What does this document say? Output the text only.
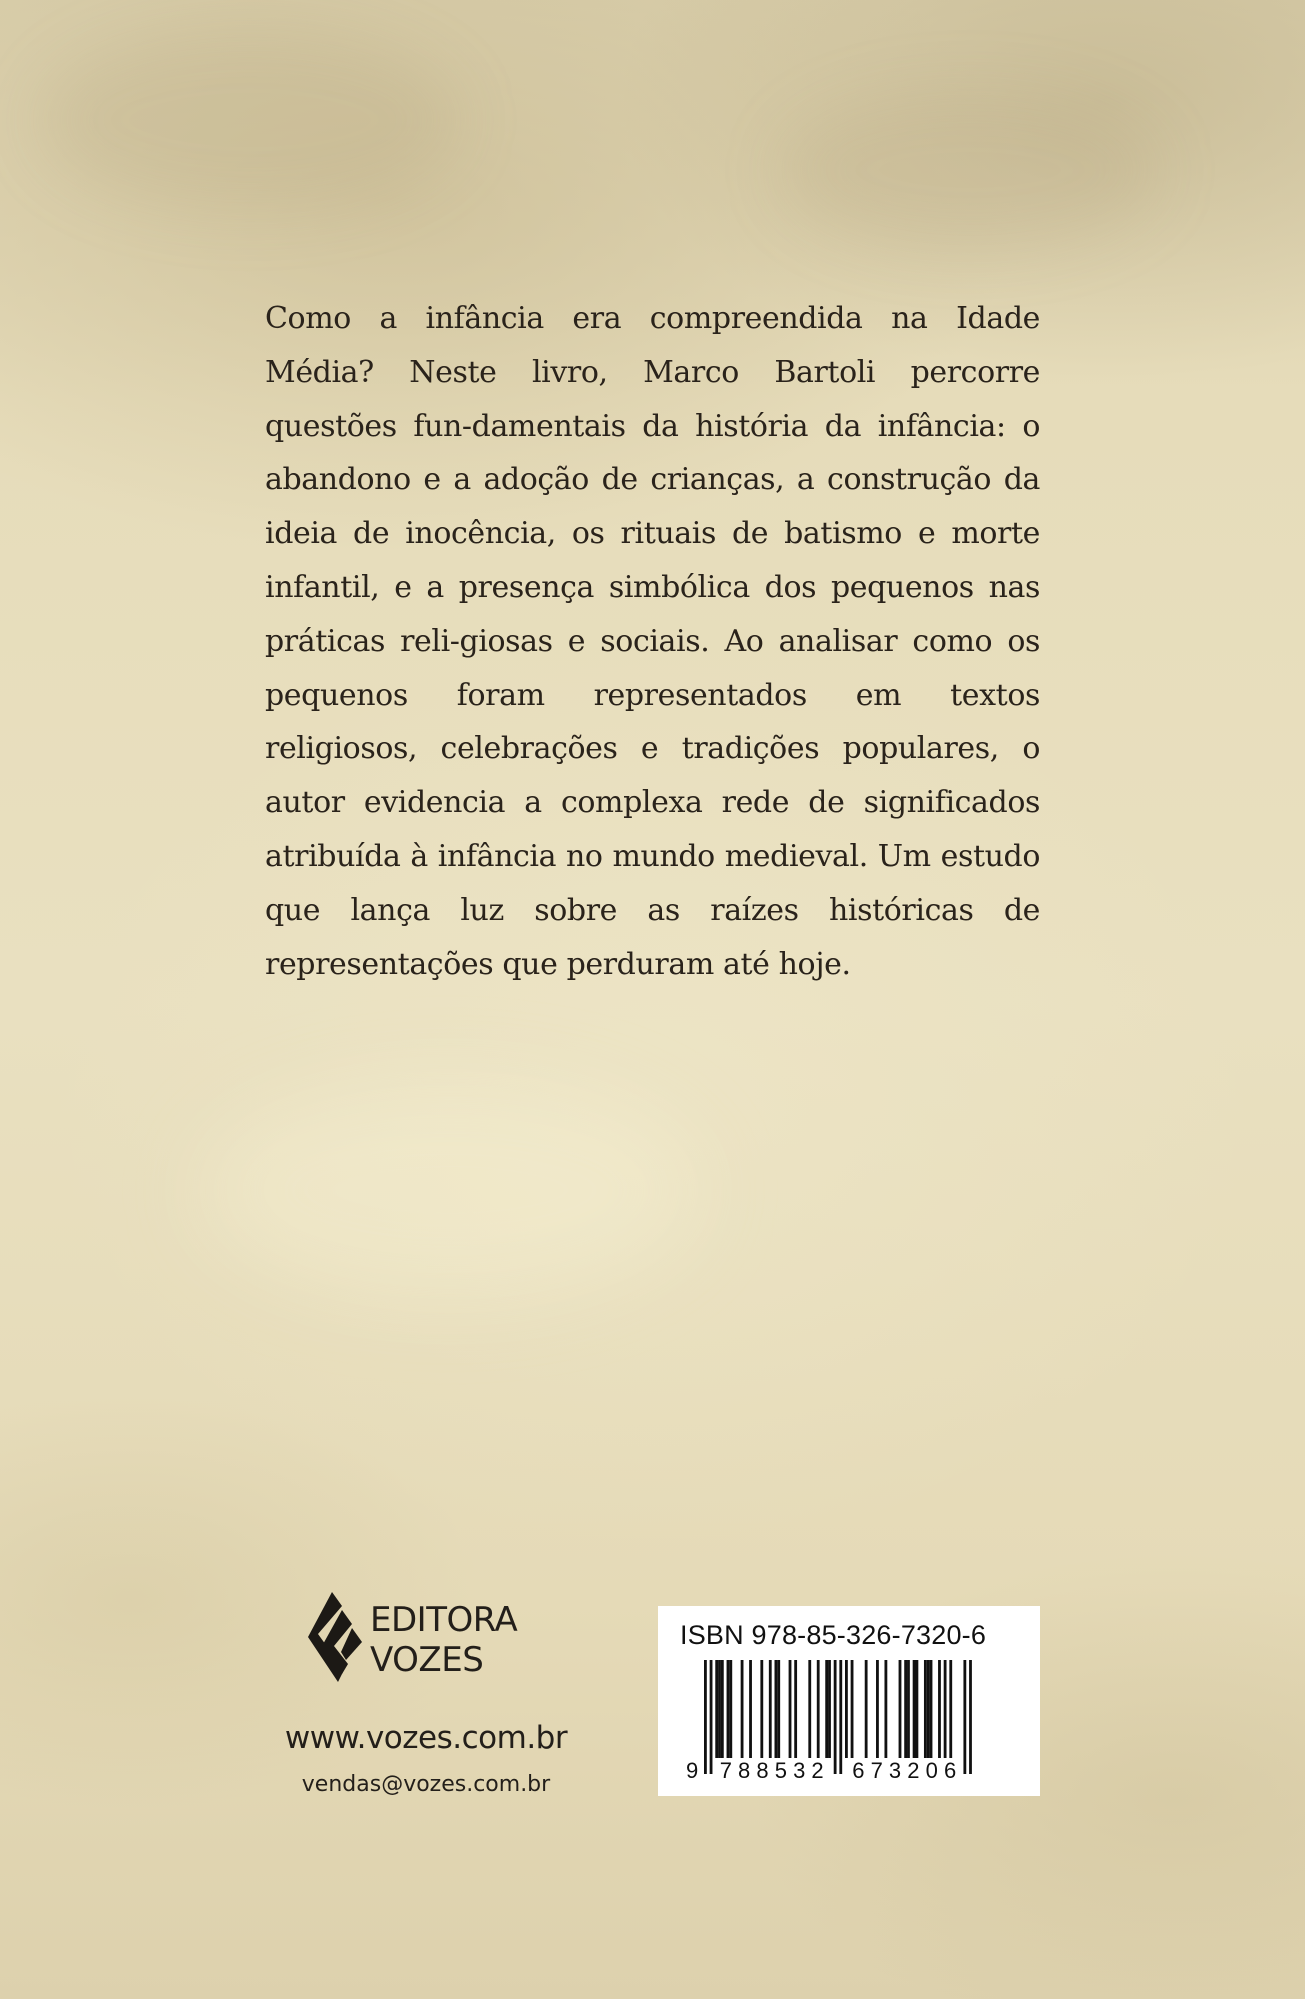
Como a infância era compreendida na Idade Média? Neste livro, Marco Bartoli percorre questões fun-damentais da história da infância: o abandono e a adoção de crianças, a construção da ideia de inocência, os rituais de batismo e morte infantil, e a presença simbólica dos pequenos nas práticas reli-giosas e sociais. Ao analisar como os pequenos foram representados em textos religiosos, celebrações e tradições populares, o autor evidencia a complexa rede de significados atribuída à infância no mundo medieval. Um estudo que lança luz sobre as raízes históricas de representações que perduram até hoje.

EDITORA
VOZES
www.vozes.com.br
vendas@vozes.com.br
ISBN 978-85-326-7320-6
9 7 8 8 5 3 2 6 7 3 2 0 6
